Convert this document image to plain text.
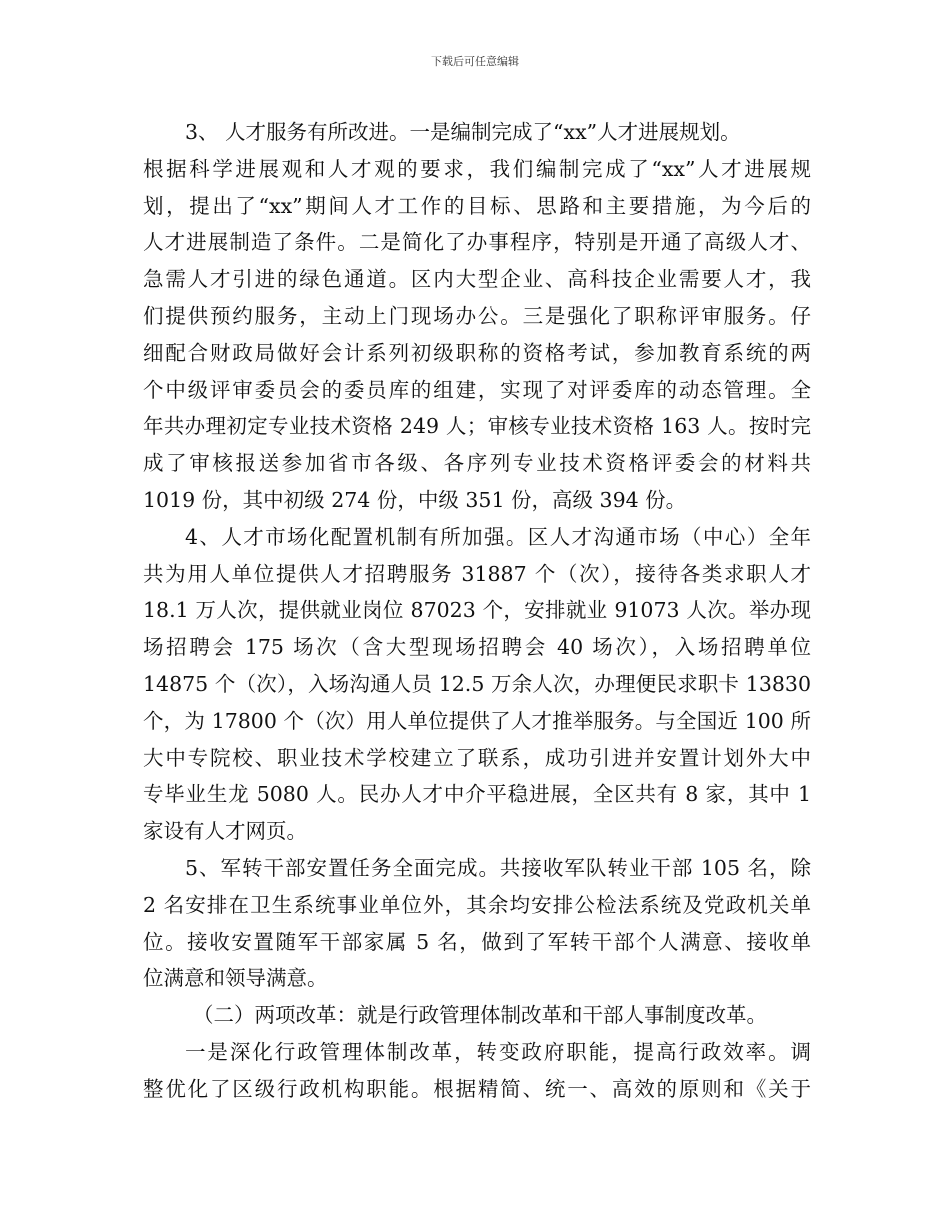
下载后可任意编辑
3、 人才服务有所改进。一是编制完成了“xx”人才进展规划。
根据科学进展观和人才观的要求，我们编制完成了“xx”人才进展规
划，提出了“xx”期间人才工作的目标、思路和主要措施，为今后的
人才进展制造了条件。二是简化了办事程序，特别是开通了高级人才、
急需人才引进的绿色通道。区内大型企业、高科技企业需要人才，我
们提供预约服务，主动上门现场办公。三是强化了职称评审服务。仔
细配合财政局做好会计系列初级职称的资格考试，参加教育系统的两
个中级评审委员会的委员库的组建，实现了对评委库的动态管理。全
年共办理初定专业技术资格 249 人；审核专业技术资格 163 人。按时完
成了审核报送参加省市各级、各序列专业技术资格评委会的材料共
1019 份，其中初级 274 份，中级 351 份，高级 394 份。
4、人才市场化配置机制有所加强。区人才沟通市场（中心）全年
共为用人单位提供人才招聘服务 31887 个（次），接待各类求职人才
18.1 万人次，提供就业岗位 87023 个，安排就业 91073 人次。举办现
场招聘会 175 场次（含大型现场招聘会 40 场次），入场招聘单位
14875 个（次），入场沟通人员 12.5 万余人次，办理便民求职卡 13830
个，为 17800 个（次）用人单位提供了人才推举服务。与全国近 100 所
大中专院校、职业技术学校建立了联系，成功引进并安置计划外大中
专毕业生龙 5080 人。民办人才中介平稳进展，全区共有 8 家，其中 1
家设有人才网页。
5、军转干部安置任务全面完成。共接收军队转业干部 105 名，除
2 名安排在卫生系统事业单位外，其余均安排公检法系统及党政机关单
位。接收安置随军干部家属 5 名，做到了军转干部个人满意、接收单
位满意和领导满意。
（二）两项改革：就是行政管理体制改革和干部人事制度改革。
一是深化行政管理体制改革，转变政府职能，提高行政效率。调
整优化了区级行政机构职能。根据精简、统一、高效的原则和《关于
